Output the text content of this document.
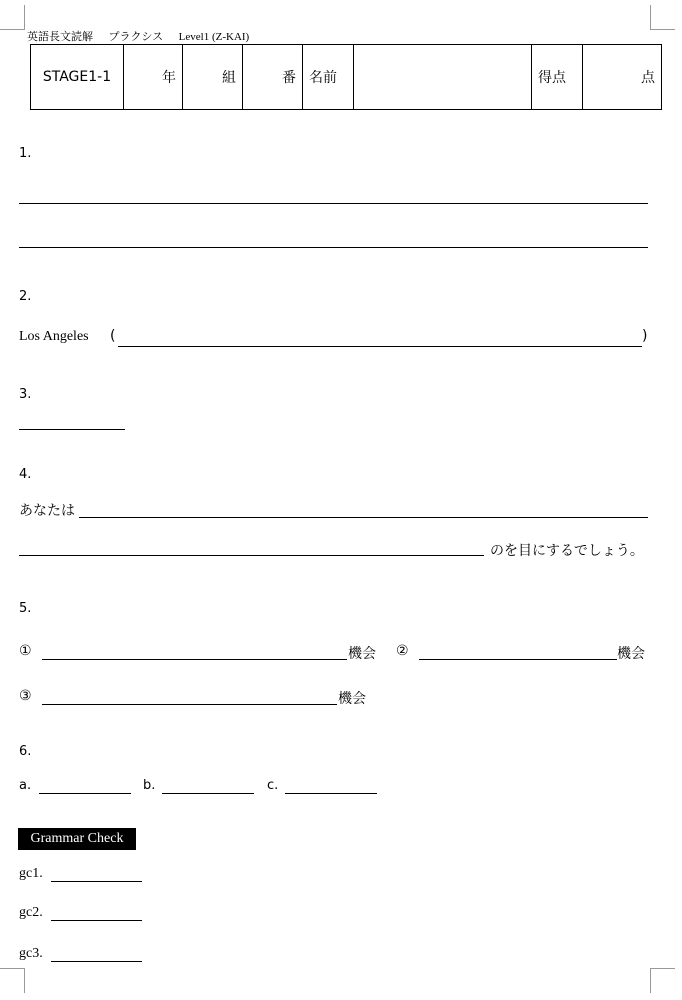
英語長文読解 プラクシス Level1 (Z-KAI)
STAGE1-1	年	組	番	名前		得点	点
1.
2.
Los Angeles (	)
3.
4.
あなたは
のを目にするでしょう。
5.
①	機会 ②	機会
③	機会
6.
a.	b.	c.
Grammar Check
gc1.
gc2.
gc3.
